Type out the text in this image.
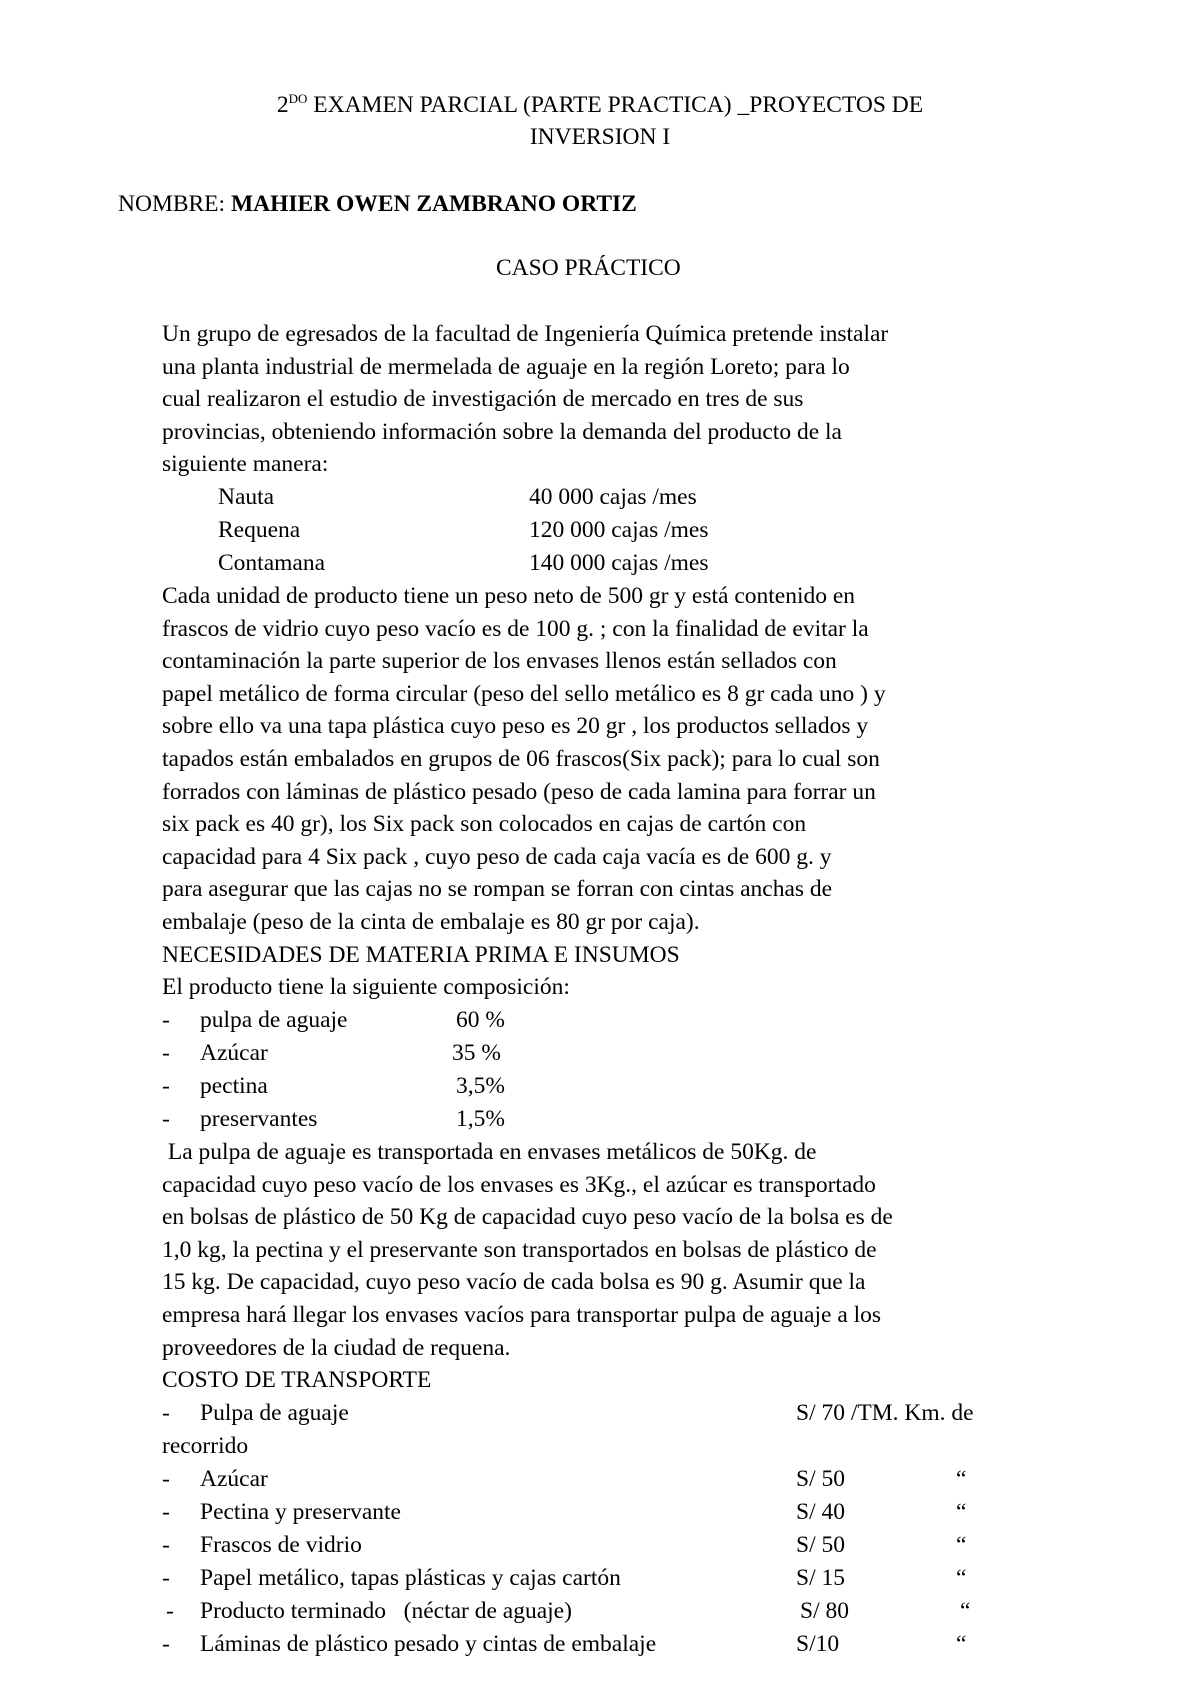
$2^{DO}$ EXAMEN PARCIAL (PARTE PRACTICA) _PROYECTOS DE
INVERSION I
NOMBRE: MAHIER OWEN ZAMBRANO ORTIZ
CASO PRÁCTICO
Un grupo de egresados de la facultad de Ingeniería Química pretende instalar
una planta industrial de mermelada de aguaje en la región Loreto; para lo
cual realizaron el estudio de investigación de mercado en tres de sus
provincias, obteniendo información sobre la demanda del producto de la
siguiente manera:
Nauta	40 000 cajas /mes
Requena	120 000 cajas /mes
Contamana	140 000 cajas /mes
Cada unidad de producto tiene un peso neto de 500 gr y está contenido en
frascos de vidrio cuyo peso vacío es de 100 g. ; con la finalidad de evitar la
contaminación la parte superior de los envases llenos están sellados con
papel metálico de forma circular (peso del sello metálico es 8 gr cada uno ) y
sobre ello va una tapa plástica cuyo peso es 20 gr , los productos sellados y
tapados están embalados en grupos de 06 frascos(Six pack); para lo cual son
forrados con láminas de plástico pesado (peso de cada lamina para forrar un
six pack es 40 gr), los Six pack son colocados en cajas de cartón con
capacidad para 4 Six pack , cuyo peso de cada caja vacía es de 600 g. y
para asegurar que las cajas no se rompan se forran con cintas anchas de
embalaje (peso de la cinta de embalaje es 80 gr por caja).
NECESIDADES DE MATERIA PRIMA E INSUMOS
El producto tiene la siguiente composición:
- pulpa de aguaje	60 %
- Azúcar	35 %
- pectina	3,5%
- preservantes	1,5%
La pulpa de aguaje es transportada en envases metálicos de 50Kg. de
capacidad cuyo peso vacío de los envases es 3Kg., el azúcar es transportado
en bolsas de plástico de 50 Kg de capacidad cuyo peso vacío de la bolsa es de
1,0 kg, la pectina y el preservante son transportados en bolsas de plástico de
15 kg. De capacidad, cuyo peso vacío de cada bolsa es 90 g. Asumir que la
empresa hará llegar los envases vacíos para transportar pulpa de aguaje a los
proveedores de la ciudad de requena.
COSTO DE TRANSPORTE
- Pulpa de aguaje	S/ 70 /TM. Km. de
recorrido
- Azúcar	S/ 50	“
- Pectina y preservante	S/ 40	“
- Frascos de vidrio	S/ 50	“
- Papel metálico, tapas plásticas y cajas cartón	S/ 15	“
- Producto terminado   (néctar de aguaje)	S/ 80	“
- Láminas de plástico pesado y cintas de embalaje	S/10	“
